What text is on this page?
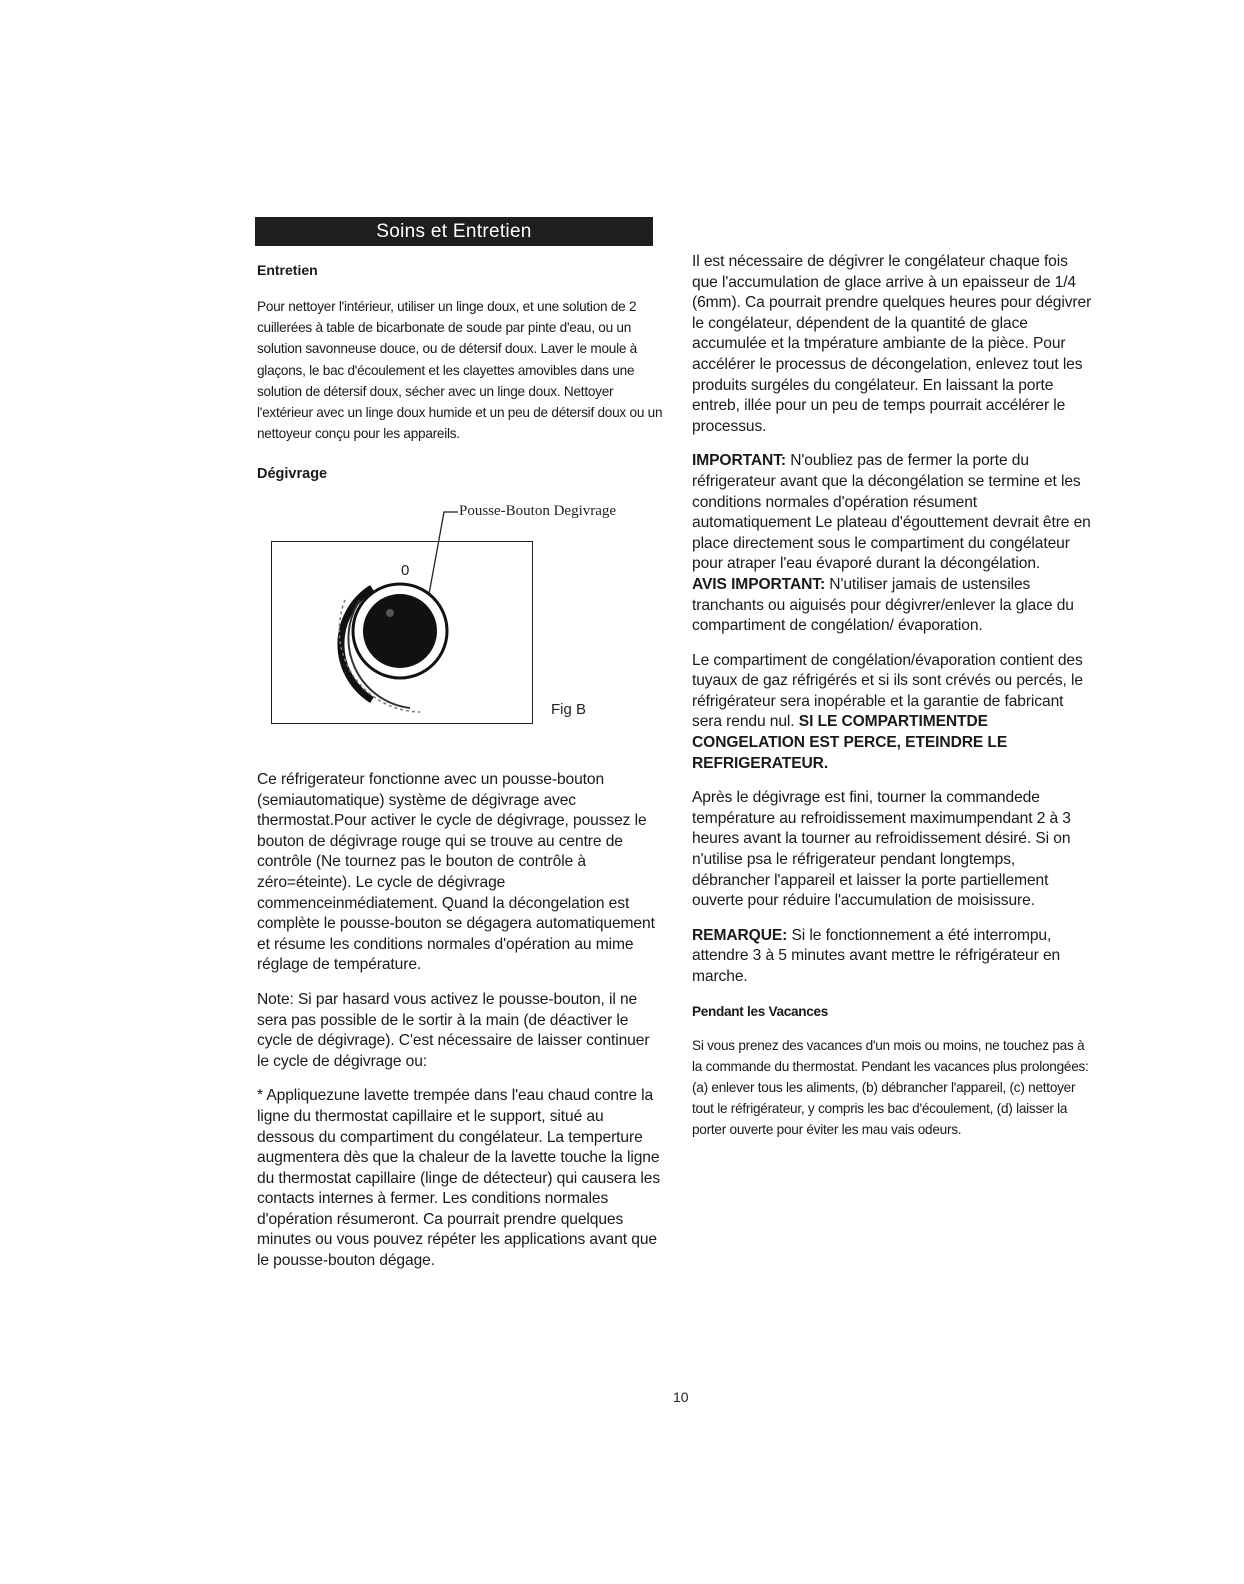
Soins et Entretien

Entretien

Pour nettoyer l'intérieur, utiliser un linge doux, et une solution de 2 cuillerées à table de bicarbonate de soude par pinte d'eau, ou un solution savonneuse douce, ou de détersif doux. Laver le moule à glaçons, le bac d'écoulement et les clayettes amovibles dans une solution de détersif doux, sécher avec un linge doux. Nettoyer l'extérieur avec un linge doux humide et un peu de détersif doux ou un nettoyeur conçu pour les appareils.

Dégivrage

Pousse-Bouton Degivrage
0
Fig B

Ce réfrigerateur fonctionne avec un pousse-bouton (semiautomatique) système de dégivrage avec thermostat.Pour activer le cycle de dégivrage, poussez le bouton de dégivrage rouge qui se trouve au centre de contrôle (Ne tournez pas le bouton de contrôle à zéro=éteinte). Le cycle de dégivrage commenceinmédiatement. Quand la décongelation est complète le pousse-bouton se dégagera automatiquement et résume les conditions normales d'opération au mime réglage de température.

Note: Si par hasard vous activez le pousse-bouton, il ne sera pas possible de le sortir à la main (de déactiver le cycle de dégivrage). C'est nécessaire de laisser continuer le cycle de dégivrage ou:

* Appliquezune lavette trempée dans l'eau chaud contre la ligne du thermostat capillaire et le support, situé au dessous du compartiment du congélateur. La temperture augmentera dès que la chaleur de la lavette touche la ligne du thermostat capillaire (linge de détecteur) qui causera les contacts internes à fermer. Les conditions normales d'opération résumeront. Ca pourrait prendre quelques minutes ou vous pouvez répéter les applications avant que le pousse-bouton dégage.

Il est nécessaire de dégivrer le congélateur chaque fois que l'accumulation de glace arrive à un epaisseur de 1/4 (6mm). Ca pourrait prendre quelques heures pour dégivrer le congélateur, dépendent de la quantité de glace accumulée et la tmpérature ambiante de la pièce. Pour accélérer le processus de décongelation, enlevez tout les produits surgéles du congélateur. En laissant la porte entreb, illée pour un peu de temps pourrait accélérer le processus.

IMPORTANT: N'oubliez pas de fermer la porte du réfrigerateur avant que la décongélation se termine et les conditions normales d'opération résument automatiquement Le plateau d'égouttement devrait être en place directement sous le compartiment du congélateur pour atraper l'eau évaporé durant la décongélation.

AVIS IMPORTANT: N'utiliser jamais de ustensiles tranchants ou aiguisés pour dégivrer/enlever la glace du compartiment de congélation/ évaporation.

Le compartiment de congélation/évaporation contient des tuyaux de gaz réfrigérés et si ils sont crévés ou percés, le réfrigérateur sera inopérable et la garantie de fabricant sera rendu nul. SI LE COMPARTIMENTDE CONGELATION EST PERCE, ETEINDRE LE REFRIGERATEUR.

Après le dégivrage est fini, tourner la commandede température au refroidissement maximumpendant 2 à 3 heures avant la tourner au refroidissement désiré. Si on n'utilise psa le réfrigerateur pendant longtemps, débrancher l'appareil et laisser la porte partiellement ouverte pour réduire l'accumulation de moisissure.

REMARQUE: Si le fonctionnement a été interrompu, attendre 3 à 5 minutes avant mettre le réfrigérateur en marche.

Pendant les Vacances

Si vous prenez des vacances d'un mois ou moins, ne touchez pas à la commande du thermostat. Pendant les vacances plus prolongées: (a) enlever tous les aliments, (b) débrancher l'appareil, (c) nettoyer tout le réfrigérateur, y compris les bac d'écoulement, (d) laisser la porter ouverte pour éviter les mau vais odeurs.

10
